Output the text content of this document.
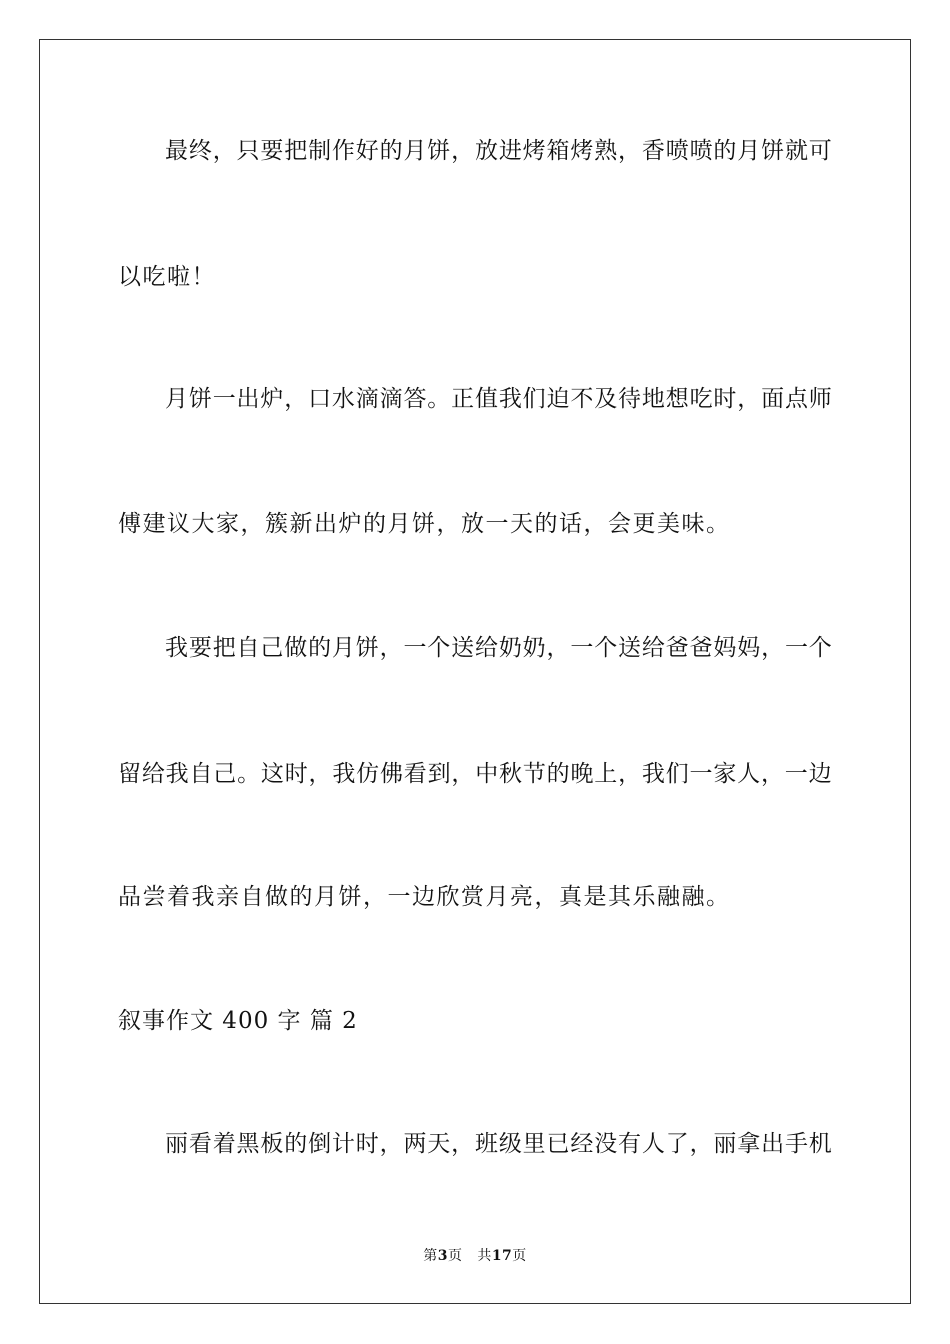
最 终 ， 只 要 把 制 作 好 的 月 饼 ， 放 进 烤 箱 烤 熟 ， 香 喷 喷 的 月 饼 就 可
以吃啦！
月 饼 一 出 炉 ， 口 水 滴 滴 答 。 正 值 我 们 迫 不 及 待 地 想 吃 时 ， 面 点 师
傅建议大家，簇新出炉的月饼，放一天的话，会更美味。
我 要 把 自 己 做 的 月 饼 ， 一 个 送 给 奶 奶 ， 一 个 送 给 爸 爸 妈 妈 ， 一 个
留 给 我 自 己 。 这 时 ， 我 仿 佛 看 到 ， 中 秋 节 的 晚 上 ， 我 们 一 家 人 ， 一 边
品尝着我亲自做的月饼，一边欣赏月亮，真是其乐融融。
叙事作文 400 字 篇 2
丽 看 着 黑 板 的 倒 计 时 ， 两 天 ， 班 级 里 已 经 没 有 人 了 ， 丽 拿 出 手 机
第3页 共17页
